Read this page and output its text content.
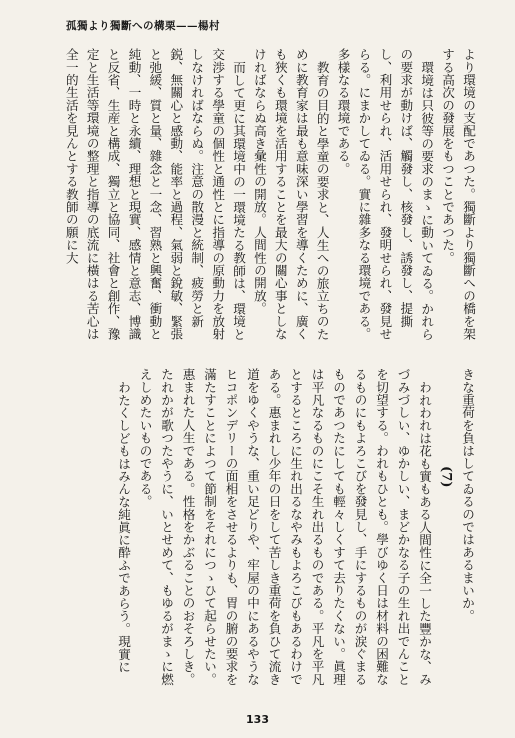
孤獨より獨斷への構栗——楊村

より環境の支配であつた。獨斷より獨斷への橋を架する高次の發展をもつことであつた。

環境は只彼等の要求のまゝに動いてゐる。かれらの要求が動けば、觸發し、核發し、誘發し、提撕し、利用せられ、活用せられ、發明せられ、發見せらる。にまかしてゐる。實に雜多なる環境である。多樣なる環境である。

教育の目的と學童の要求と、人生への旅立ちのために教育家は最も意味深い學習を導くために、廣くも狹くも環境を活用することを最大の關心事としなければならぬ高き彙性の開放。人間性の開放。

而して更に其環境中の一環境たる教師は、環境と交渉する學童の個性と通性とに指導の原動力を放射しなければならぬ。注意の散漫と統制、疲勞と新鋭、無關心と感動、能率と過程、氣弱と銳敏、緊張と弛緩、質と量、雜念と一念、習熟と興奮、衝動と純動、一時と永續、理想と現實、感情と意志、博識と反省、生産と構成、獨立と協同、社會と創作、豫定と生活等環境の整理と指導の底流に橫はる苦心は全一的生活を見んとする教師の願に大

きな重荷を負はしてゐるのではあるまいか。

(7)

われわれは花も實もある人間性に全一した豐かな、みづみづしい、ゆかしい、まどかなる子の生れ出でんことを切望する。われもひとも。學びゆく日は材料の困難なるものにもよろこびを發見し、手にするものが涙ぐまるものであつたにしても輕々しくすて去りたくない。眞理は平凡なるものにこそ生れ出るものである。平凡を平凡とするところに生れ出るなやみもよろこびもあるわけである。惠まれし少年の日をして苦しき重荷を負ひて流き道をゆくやうな、重い足どりや、牢屋の中にあるやうなヒコポンデリーの面相をさせるよりも、胃の腑の要求を滿たすことによつて節制をそれにつゝひて起らせたい。惠まれた人生である。性格をかぶることのおそろしき。たれかが歌つたやうに、いとせめて、もゆるがまゝに燃えしめたいものである。

わたくしどもはみんな純眞に酔ふであらう。現實に

133
